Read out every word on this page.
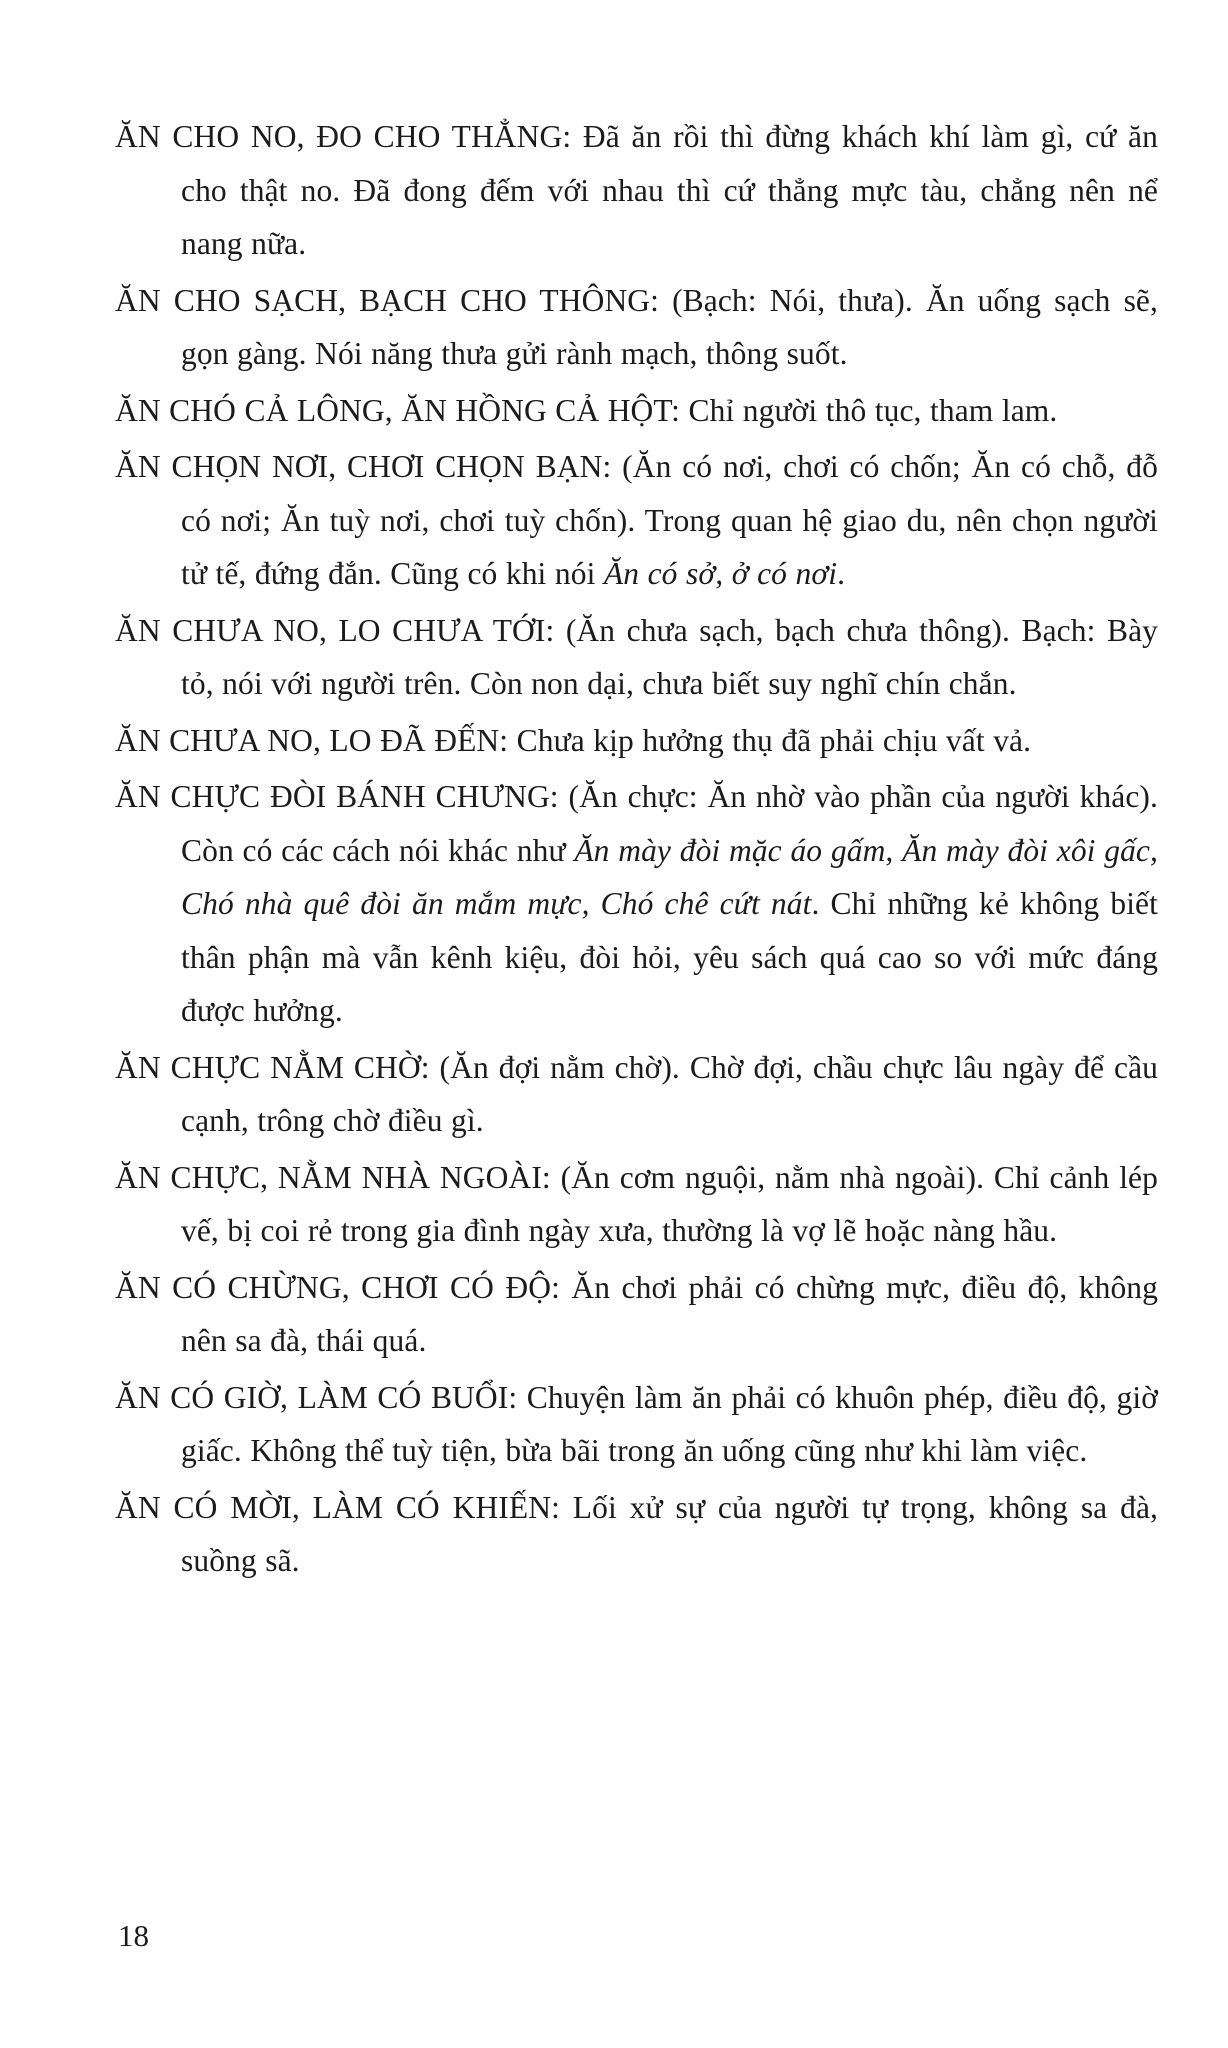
ĂN CHO NO, ĐO CHO THẲNG: Đã ăn rồi thì đừng khách khí làm gì, cứ ăn cho thật no. Đã đong đếm với nhau thì cứ thẳng mực tàu, chẳng nên nể nang nữa.

ĂN CHO SẠCH, BẠCH CHO THÔNG: (Bạch: Nói, thưa). Ăn uống sạch sẽ, gọn gàng. Nói năng thưa gửi rành mạch, thông suốt.

ĂN CHÓ CẢ LÔNG, ĂN HỒNG CẢ HỘT: Chỉ người thô tục, tham lam.

ĂN CHỌN NƠI, CHƠI CHỌN BẠN: (Ăn có nơi, chơi có chốn; Ăn có chỗ, đỗ có nơi; Ăn tuỳ nơi, chơi tuỳ chốn). Trong quan hệ giao du, nên chọn người tử tế, đứng đắn. Cũng có khi nói Ăn có sở, ở có nơi.

ĂN CHƯA NO, LO CHƯA TỚI: (Ăn chưa sạch, bạch chưa thông). Bạch: Bày tỏ, nói với người trên. Còn non dại, chưa biết suy nghĩ chín chắn.

ĂN CHƯA NO, LO ĐÃ ĐẾN: Chưa kịp hưởng thụ đã phải chịu vất vả.

ĂN CHỰC ĐÒI BÁNH CHƯNG: (Ăn chực: Ăn nhờ vào phần của người khác). Còn có các cách nói khác như Ăn mày đòi mặc áo gấm, Ăn mày đòi xôi gấc, Chó nhà quê đòi ăn mắm mực, Chó chê cứt nát. Chỉ những kẻ không biết thân phận mà vẫn kênh kiệu, đòi hỏi, yêu sách quá cao so với mức đáng được hưởng.

ĂN CHỰC NẰM CHỜ: (Ăn đợi nằm chờ). Chờ đợi, chầu chực lâu ngày để cầu cạnh, trông chờ điều gì.

ĂN CHỰC, NẰM NHÀ NGOÀI: (Ăn cơm nguội, nằm nhà ngoài). Chỉ cảnh lép vế, bị coi rẻ trong gia đình ngày xưa, thường là vợ lẽ hoặc nàng hầu.

ĂN CÓ CHỪNG, CHƠI CÓ ĐỘ: Ăn chơi phải có chừng mực, điều độ, không nên sa đà, thái quá.

ĂN CÓ GIỜ, LÀM CÓ BUỔI: Chuyện làm ăn phải có khuôn phép, điều độ, giờ giấc. Không thể tuỳ tiện, bừa bãi trong ăn uống cũng như khi làm việc.

ĂN CÓ MỜI, LÀM CÓ KHIẾN: Lối xử sự của người tự trọng, không sa đà, suồng sã.

18
